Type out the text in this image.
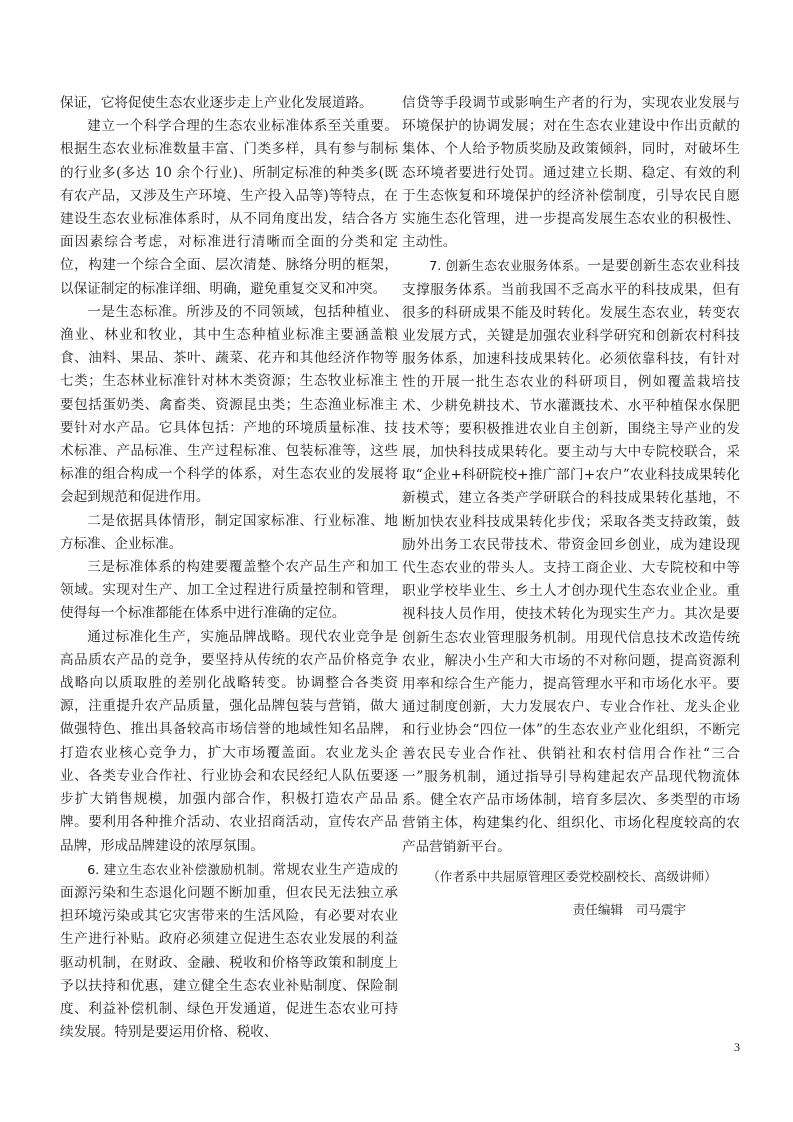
保证，它将促使生态农业逐步走上产业化发展道路。

建立一个科学合理的生态农业标准体系至关重要。根据生态农业标准数量丰富、门类多样，具有参与制标的行业多(多达 10 余个行业)、所制定标准的种类多(既有农产品，又涉及生产环境、生产投入品等)等特点，在建设生态农业标准体系时，从不同角度出发，结合各方面因素综合考虑，对标准进行清晰而全面的分类和定位，构建一个综合全面、层次清楚、脉络分明的框架，以保证制定的标准详细、明确，避免重复交叉和冲突。

一是生态标准。所涉及的不同领域，包括种植业、渔业、林业和牧业，其中生态种植业标准主要涵盖粮食、油料、果品、茶叶、蔬菜、花卉和其他经济作物等七类；生态林业标准针对林木类资源；生态牧业标准主要包括蛋奶类、禽畜类、资源昆虫类；生态渔业标准主要针对水产品。它具体包括：产地的环境质量标准、技术标准、产品标准、生产过程标准、包装标准等，这些标准的组合构成一个科学的体系，对生态农业的发展将会起到规范和促进作用。

二是依据具体情形，制定国家标准、行业标准、地方标准、企业标准。

三是标准体系的构建要覆盖整个农产品生产和加工领域。实现对生产、加工全过程进行质量控制和管理，使得每一个标准都能在体系中进行准确的定位。

通过标准化生产，实施品牌战略。现代农业竞争是高品质农产品的竞争，要坚持从传统的农产品价格竞争战略向以质取胜的差别化战略转变。协调整合各类资源，注重提升农产品质量，强化品牌包装与营销，做大做强特色、推出具备较高市场信誉的地域性知名品牌，打造农业核心竞争力，扩大市场覆盖面。农业龙头企业、各类专业合作社、行业协会和农民经纪人队伍要逐步扩大销售规模，加强内部合作，积极打造农产品品牌。要利用各种推介活动、农业招商活动，宣传农产品品牌，形成品牌建设的浓厚氛围。

6. 建立生态农业补偿激励机制。常规农业生产造成的面源污染和生态退化问题不断加重，但农民无法独立承担环境污染或其它灾害带来的生活风险，有必要对农业生产进行补贴。政府必须建立促进生态农业发展的利益驱动机制，在财政、金融、税收和价格等政策和制度上予以扶持和优惠，建立健全生态农业补贴制度、保险制度、利益补偿机制、绿色开发通道，促进生态农业可持续发展。特别是要运用价格、税收、

信贷等手段调节或影响生产者的行为，实现农业发展与环境保护的协调发展；对在生态农业建设中作出贡献的集体、个人给予物质奖励及政策倾斜，同时，对破坏生态环境者要进行处罚。通过建立长期、稳定、有效的利于生态恢复和环境保护的经济补偿制度，引导农民自愿实施生态化管理，进一步提高发展生态农业的积极性、主动性。

7. 创新生态农业服务体系。一是要创新生态农业科技支撑服务体系。当前我国不乏高水平的科技成果，但有很多的科研成果不能及时转化。发展生态农业，转变农业发展方式，关键是加强农业科学研究和创新农村科技服务体系，加速科技成果转化。必须依靠科技，有针对性的开展一批生态农业的科研项目，例如覆盖栽培技术、少耕免耕技术、节水灌溉技术、水平种植保水保肥技术等；要积极推进农业自主创新，围绕主导产业的发展，加快科技成果转化。要主动与大中专院校联合，采取“企业+科研院校+推广部门+农户”农业科技成果转化新模式，建立各类产学研联合的科技成果转化基地，不断加快农业科技成果转化步伐；采取各类支持政策，鼓励外出务工农民带技术、带资金回乡创业，成为建设现代生态农业的带头人。支持工商企业、大专院校和中等职业学校毕业生、乡土人才创办现代生态农业企业。重视科技人员作用，使技术转化为现实生产力。其次是要创新生态农业管理服务机制。用现代信息技术改造传统农业，解决小生产和大市场的不对称问题，提高资源利用率和综合生产能力，提高管理水平和市场化水平。要通过制度创新，大力发展农户、专业合作社、龙头企业和行业协会“四位一体”的生态农业产业化组织，不断完善农民专业合作社、供销社和农村信用合作社“三合一”服务机制，通过指导引导构建起农产品现代物流体系。健全农产品市场体制，培育多层次、多类型的市场营销主体，构建集约化、组织化、市场化程度较高的农产品营销新平台。

（作者系中共屈原管理区委党校副校长、高级讲师）

责任编辑　司马震宇

3
